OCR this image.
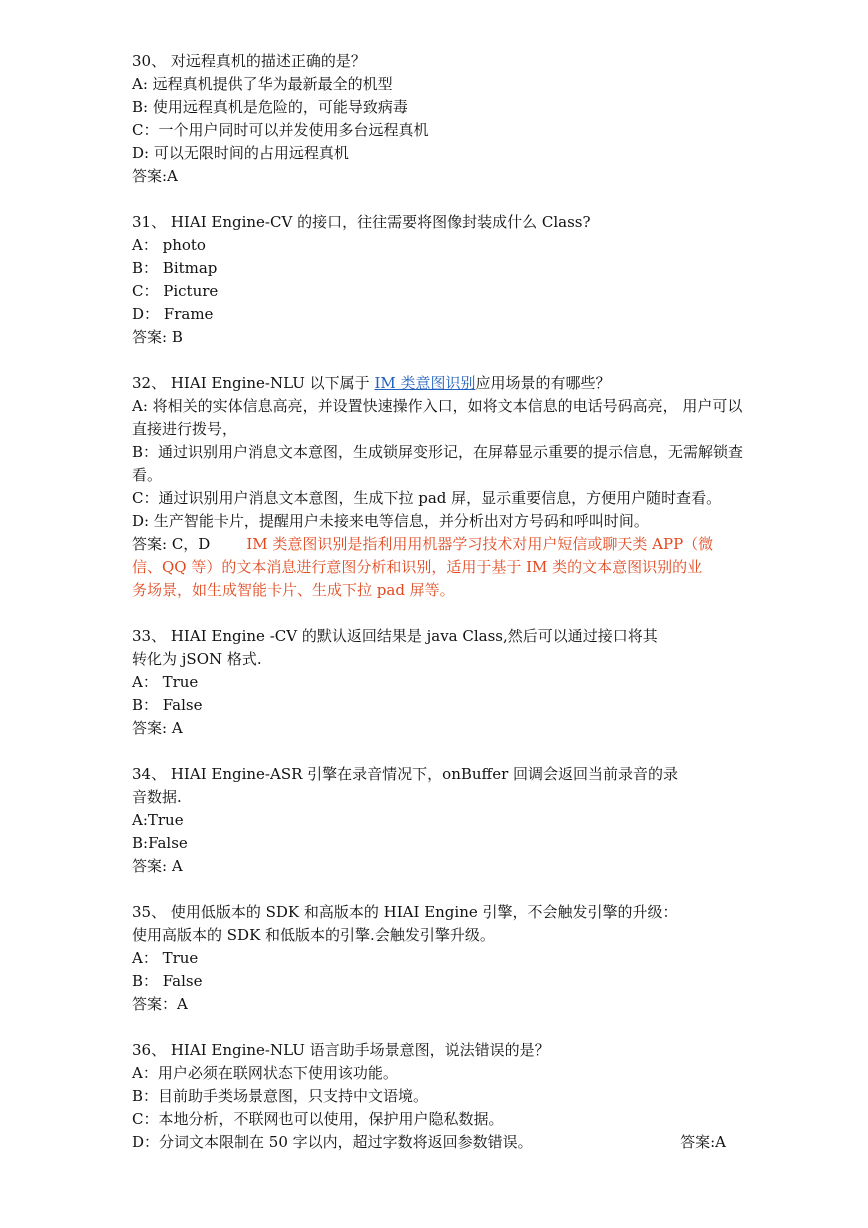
30、 对远程真机的描述正确的是？
A: 远程真机提供了华为最新最全的机型
B: 使用远程真机是危险的，可能导致病毒
C：一个用户同时可以并发使用多台远程真机
D: 可以无限时间的占用远程真机
答案:A
31、 HIAI Engine-CV 的接口，往往需要将图像封装成什么 Class?
A： photo
B： Bitmap
C： Picture
D： Frame
答案: B
32、 HIAI Engine-NLU 以下属于 IM 类意图识别应用场景的有哪些？
A: 将相关的实体信息高亮，并设置快速操作入口，如将文本信息的电话号码高亮， 用户可以直接进行拨号，
B：通过识别用户消息文本意图，生成锁屏变形记，在屏幕显示重要的提示信息，无需解锁查看。
C：通过识别用户消息文本意图，生成下拉 pad 屏，显示重要信息，方便用户随时查看。
D: 生产智能卡片，提醒用户未接来电等信息，并分析出对方号码和呼叫时间。
答案: C，D IM 类意图识别是指利用用机器学习技术对用户短信或聊天类 APP（微
信、QQ 等）的文本消息进行意图分析和识别，适用于基于 IM 类的文本意图识别的业
务场景，如生成智能卡片、生成下拉 pad 屏等。
33、 HIAI Engine -CV 的默认返回结果是 java Class,然后可以通过接口将其
转化为 jSON 格式.
A： True
B： False
答案: A
34、 HIAI Engine-ASR 引擎在录音情况下，onBuffer 回调会返回当前录音的录
音数据.
A:True
B:False
答案: A
35、 使用低版本的 SDK 和高版本的 HIAI Engine 引擎，不会触发引擎的升级：
使用高版本的 SDK 和低版本的引擎.会触发引擎升级。
A： True
B： False
答案：A
36、 HIAI Engine-NLU 语言助手场景意图，说法错误的是？
A：用户必须在联网状态下使用该功能。
B：目前助手类场景意图，只支持中文语境。
C：本地分析，不联网也可以使用，保护用户隐私数据。
D：分词文本限制在 50 字以内，超过字数将返回参数错误。	答案:A
